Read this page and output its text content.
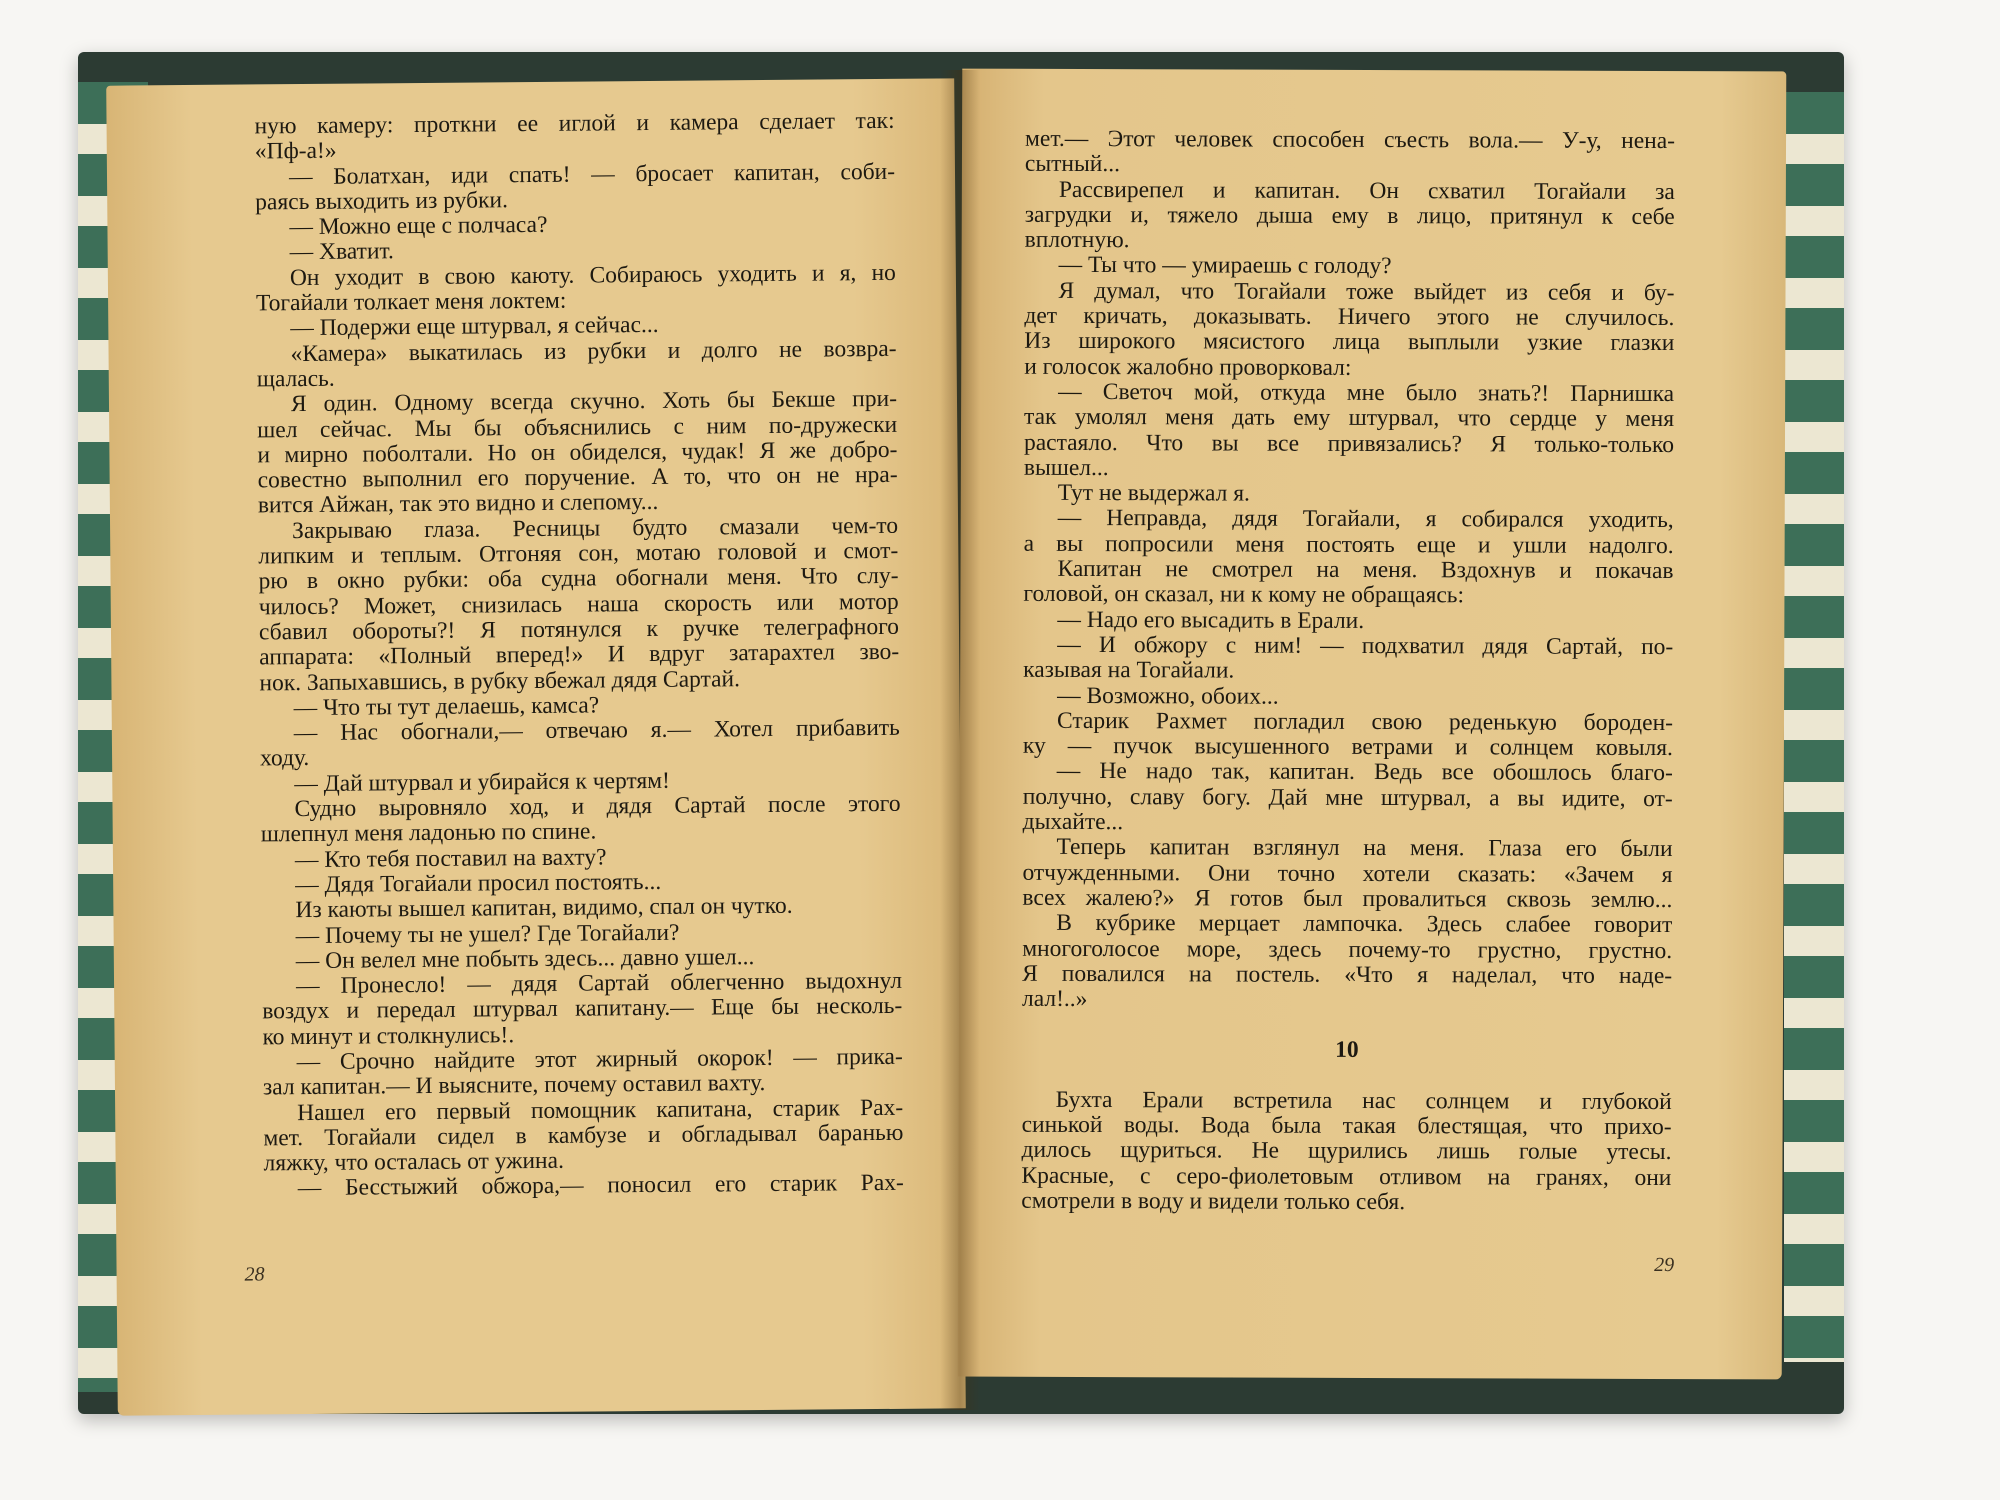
ную камеру: проткни ее иглой и камера сделает так:
«Пф-а!»
— Болатхан, иди спать! — бросает капитан, соби-
раясь выходить из рубки.
— Можно еще с полчаса?
— Хватит.
Он уходит в свою каюту. Собираюсь уходить и я, но
Тогайали толкает меня локтем:
— Подержи еще штурвал, я сейчас...
«Камера» выкатилась из рубки и долго не возвра-
щалась.
Я один. Одному всегда скучно. Хоть бы Бекше при-
шел сейчас. Мы бы объяснились с ним по-дружески
и мирно поболтали. Но он обиделся, чудак! Я же добро-
совестно выполнил его поручение. А то, что он не нра-
вится Айжан, так это видно и слепому...
Закрываю глаза. Ресницы будто смазали чем-то
липким и теплым. Отгоняя сон, мотаю головой и смот-
рю в окно рубки: оба судна обогнали меня. Что слу-
чилось? Может, снизилась наша скорость или мотор
сбавил обороты?! Я потянулся к ручке телеграфного
аппарата: «Полный вперед!» И вдруг затарахтел зво-
нок. Запыхавшись, в рубку вбежал дядя Сартай.
— Что ты тут делаешь, камса?
— Нас обогнали,— отвечаю я.— Хотел прибавить
ходу.
— Дай штурвал и убирайся к чертям!
Судно выровняло ход, и дядя Сартай после этого
шлепнул меня ладонью по спине.
— Кто тебя поставил на вахту?
— Дядя Тогайали просил постоять...
Из каюты вышел капитан, видимо, спал он чутко.
— Почему ты не ушел? Где Тогайали?
— Он велел мне побыть здесь... давно ушел...
— Пронесло! — дядя Сартай облегченно выдохнул
воздух и передал штурвал капитану.— Еще бы несколь-
ко минут и столкнулись!.
— Срочно найдите этот жирный окорок! — прика-
зал капитан.— И выясните, почему оставил вахту.
Нашел его первый помощник капитана, старик Рах-
мет. Тогайали сидел в камбузе и обгладывал баранью
ляжку, что осталась от ужина.
— Бесстыжий обжора,— поносил его старик Рах-
28
мет.— Этот человек способен съесть вола.— У-у, нена-
сытный...
Рассвирепел и капитан. Он схватил Тогайали за
загрудки и, тяжело дыша ему в лицо, притянул к себе
вплотную.
— Ты что — умираешь с голоду?
Я думал, что Тогайали тоже выйдет из себя и бу-
дет кричать, доказывать. Ничего этого не случилось.
Из широкого мясистого лица выплыли узкие глазки
и голосок жалобно проворковал:
— Светоч мой, откуда мне было знать?! Парнишка
так умолял меня дать ему штурвал, что сердце у меня
растаяло. Что вы все привязались? Я только-только
вышел...
Тут не выдержал я.
— Неправда, дядя Тогайали, я собирался уходить,
а вы попросили меня постоять еще и ушли надолго.
Капитан не смотрел на меня. Вздохнув и покачав
головой, он сказал, ни к кому не обращаясь:
— Надо его высадить в Ерали.
— И обжору с ним! — подхватил дядя Сартай, по-
казывая на Тогайали.
— Возможно, обоих...
Старик Рахмет погладил свою реденькую бороден-
ку — пучок высушенного ветрами и солнцем ковыля.
— Не надо так, капитан. Ведь все обошлось благо-
получно, славу богу. Дай мне штурвал, а вы идите, от-
дыхайте...
Теперь капитан взглянул на меня. Глаза его были
отчужденными. Они точно хотели сказать: «Зачем я
всех жалею?» Я готов был провалиться сквозь землю...
В кубрике мерцает лампочка. Здесь слабее говорит
многоголосое море, здесь почему-то грустно, грустно.
Я повалился на постель. «Что я наделал, что наде-
лал!..»
10
Бухта Ерали встретила нас солнцем и глубокой
синькой воды. Вода была такая блестящая, что прихо-
дилось щуриться. Не щурились лишь голые утесы.
Красные, с серо-фиолетовым отливом на гранях, они
смотрели в воду и видели только себя.
29
